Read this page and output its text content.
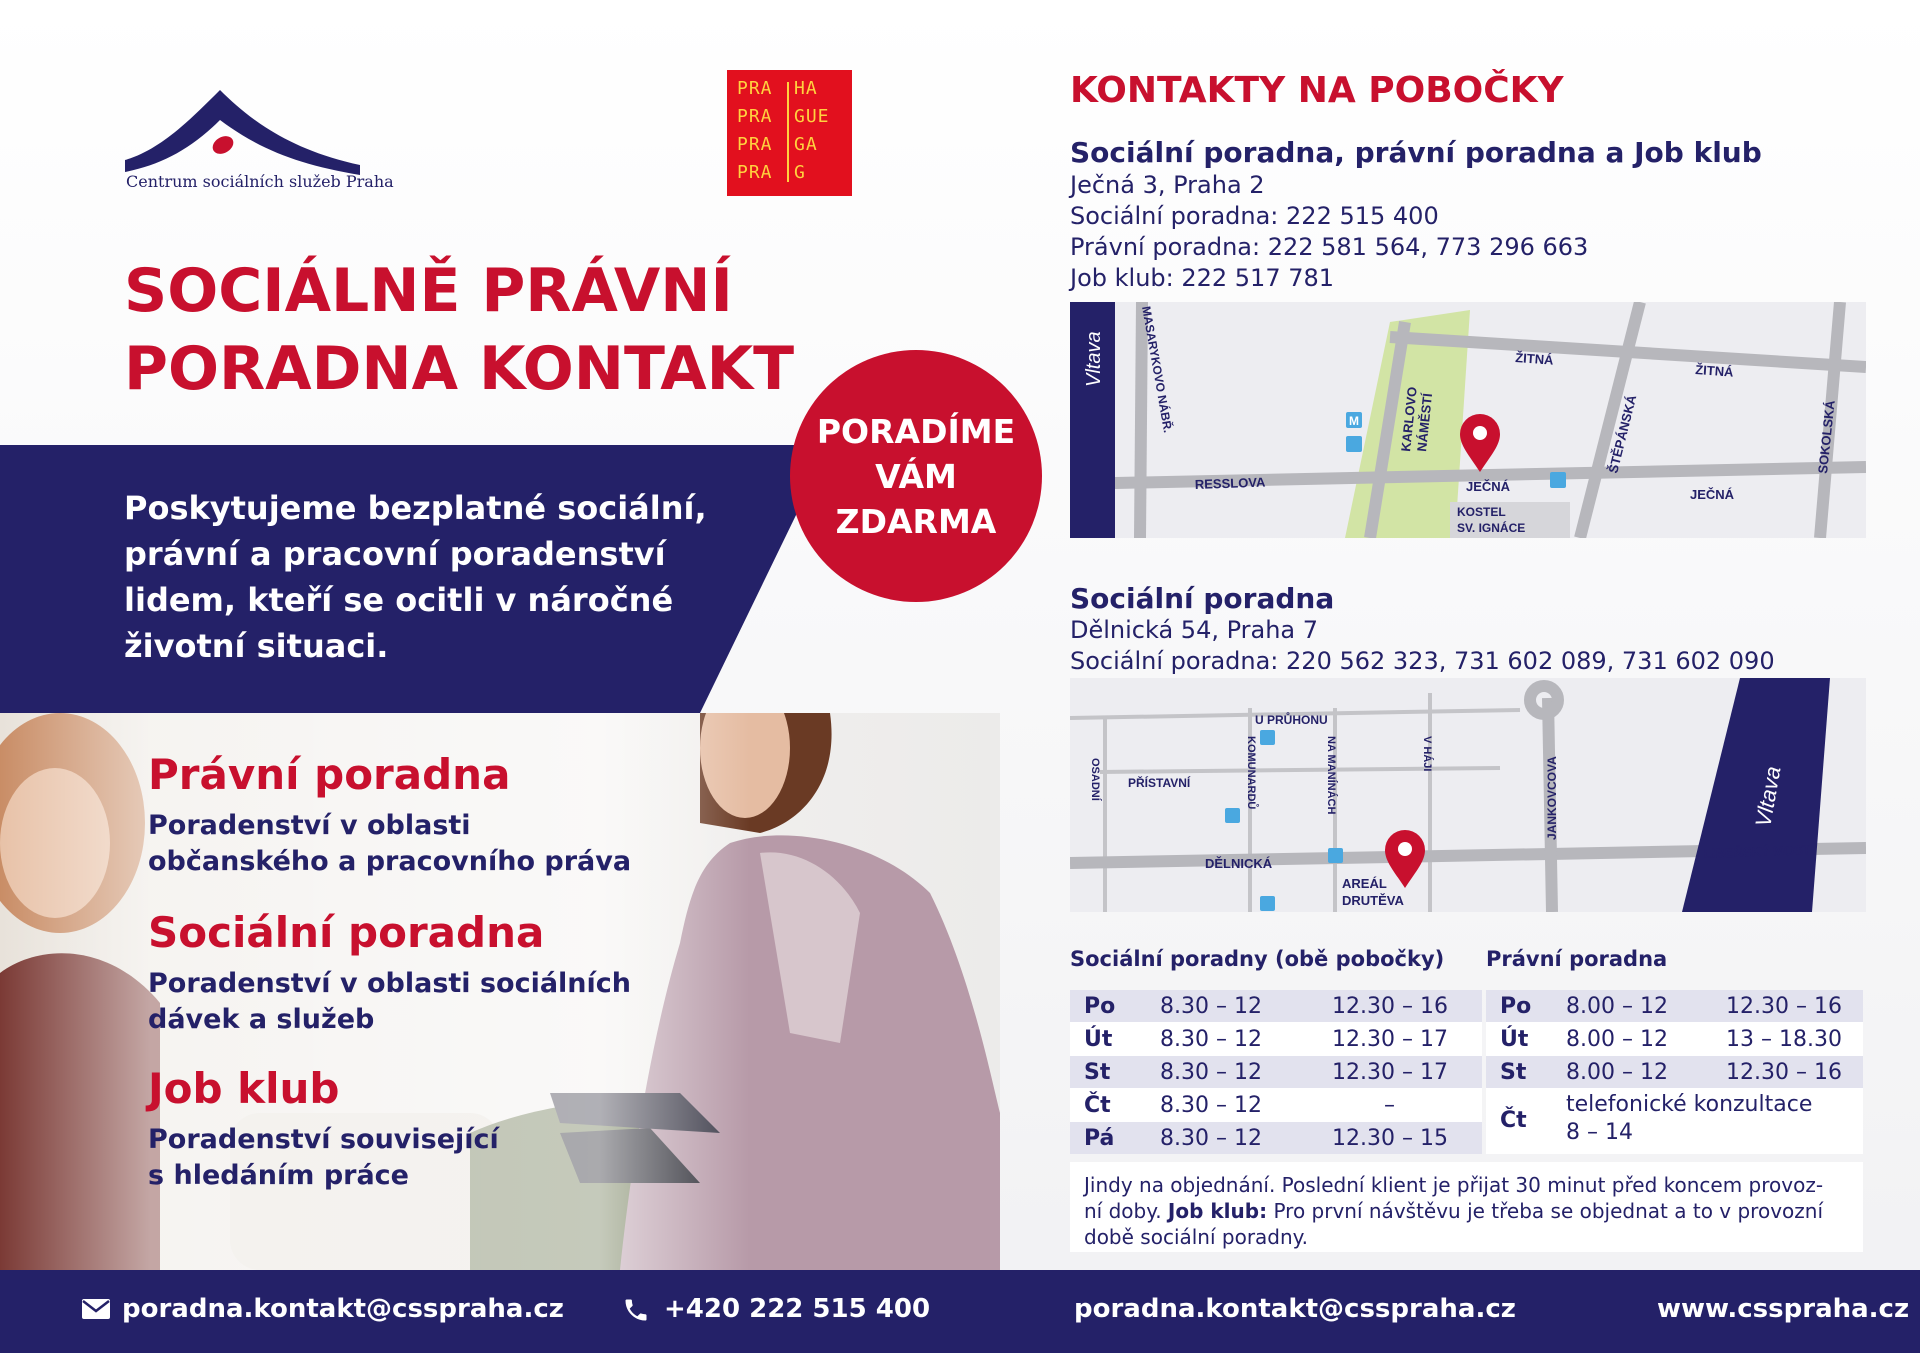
Centrum sociálních služeb Praha
PRA HA
PRA GUE
PRA GA
PRA G
SOCIÁLNĚ PRÁVNÍ
PORADNA KONTAKT
Poskytujeme bezplatné sociální, právní a pracovní poradenství lidem, kteří se ocitli v náročné životní situaci.
PORADÍME
VÁM
ZDARMA
Právní poradna
Poradenství v oblasti
občanského a pracovního práva
Sociální poradna
Poradenství v oblasti sociálních
dávek a služeb
Job klub
Poradenství související
s hledáním práce
KONTAKTY NA POBOČKY
Sociální poradna, právní poradna a Job klub
Ječná 3, Praha 2
Sociální poradna: 222 515 400
Právní poradna: 222 581 564, 773 296 663
Job klub: 222 517 781
Vltava	MASARYKOVO NÁBŘ.
RESSLOVA
ŽITNÁ
ŽITNÁ
KARLOVO
NÁMĚSTÍ	ŠTĚPÁNSKÁ	SOKOLSKÁ
JEČNÁ
JEČNÁ
KOSTEL
SV. IGNÁCE
M
Sociální poradna
Dělnická 54, Praha 7
Sociální poradna: 220 562 323, 731 602 089, 731 602 090
Vltava
U PRŮHONU
OSADNÍ PŘÍSTAVNÍ	KOMUNARDŮ	NA MANÍNÁCH	V HÁJI
JANKOVCOVA
DĚLNICKÁ
AREÁL
DRUTĚVA
LIBEŇSKÝ MOST
Sociální poradny (obě pobočky) Právní poradna
Po 8.30 – 12	12.30 – 16
Út 8.30 – 12	12.30 – 17
St 8.30 – 12	12.30 – 17
Čt 8.30 – 12	–
Pá 8.30 – 12	12.30 – 15
Po 8.00 – 12	12.30 – 16
Út 8.00 – 12	13 – 18.30
St 8.00 – 12	12.30 – 16
Čt
telefonické konzultace
8 – 14
Jindy na objednání. Poslední klient je přijat 30 minut před koncem provoz-
ní doby. Job klub: Pro první návštěvu je třeba se objednat a to v provozní
době sociální poradny.
poradna.kontakt@csspraha.cz	+420 222 515 400	poradna.kontakt@csspraha.cz	www.csspraha.cz
